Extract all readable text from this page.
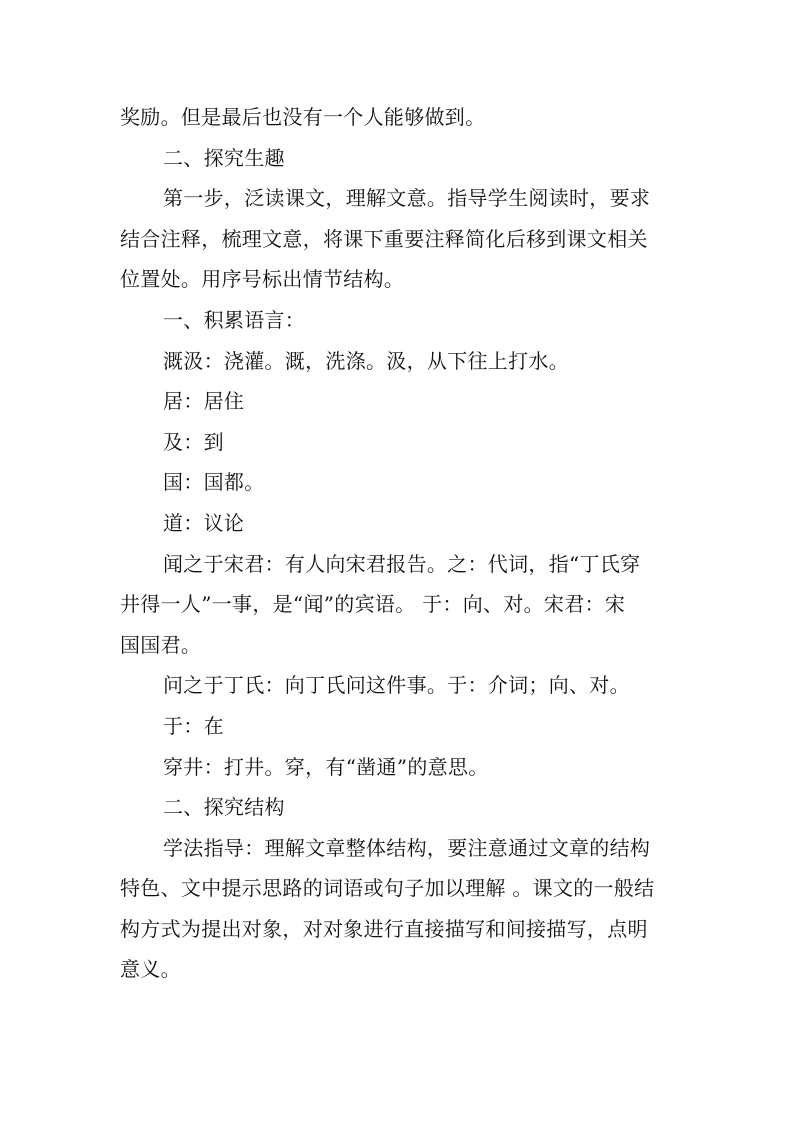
奖励。但是最后也没有一个人能够做到。
二、探究生趣
第一步，泛读课文，理解文意。指导学生阅读时，要求
结合注释，梳理文意，将课下重要注释简化后移到课文相关
位置处。用序号标出情节结构。
一、积累语言：
溉汲：浇灌。溉，洗涤。汲，从下往上打水。
居：居住
及：到
国：国都。
道：议论
闻之于宋君：有人向宋君报告。之：代词，指“丁氏穿
井得一人”一事，是“闻”的宾语。 于：向、对。宋君：宋
国国君。
问之于丁氏：向丁氏问这件事。于：介词；向、对。
于：在
穿井：打井。穿，有“凿通”的意思。
二、探究结构
学法指导：理解文章整体结构，要注意通过文章的结构
特色、文中提示思路的词语或句子加以理解 。课文的一般结
构方式为提出对象，对对象进行直接描写和间接描写，点明
意义。
